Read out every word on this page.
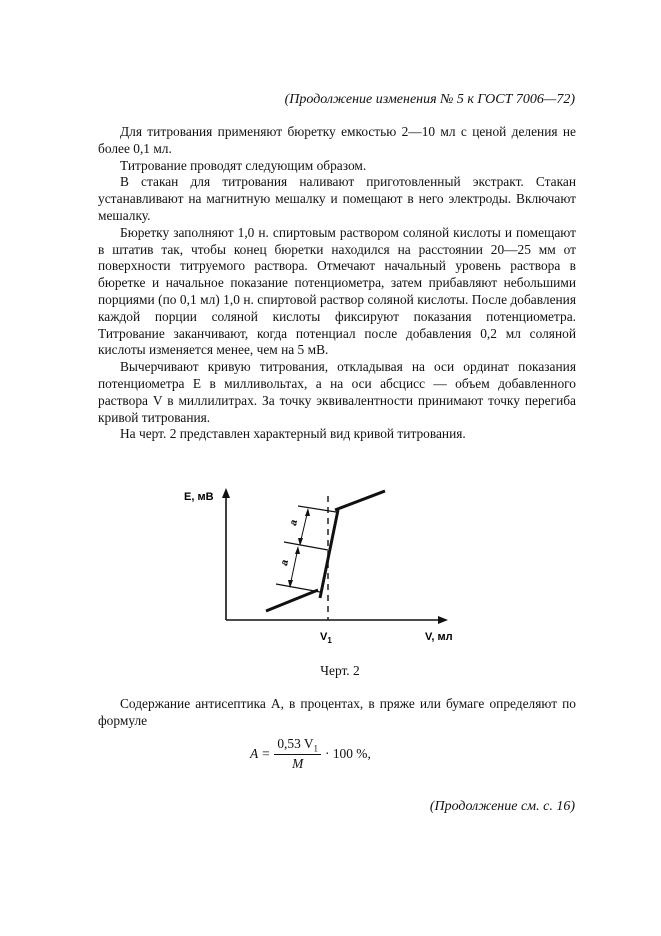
(Продолжение изменения № 5 к ГОСТ 7006—72)

Для титрования применяют бюретку емкостью 2—10 мл с ценой деления не более 0,1 мл.

Титрование проводят следующим образом.

В стакан для титрования наливают приготовленный экстракт. Стакан устанавливают на магнитную мешалку и помещают в него электроды. Включают мешалку.

Бюретку заполняют 1,0 н. спиртовым раствором соляной кислоты и помещают в штатив так, чтобы конец бюретки находился на расстоянии 20—25 мм от поверхности титруемого раствора. Отмечают начальный уровень раствора в бюретке и начальное показание потенциометра, затем прибавляют небольшими порциями (по 0,1 мл) 1,0 н. спиртовой раствор соляной кислоты. После добавления каждой порции соляной кислоты фиксируют показания потенциометра. Титрование заканчивают, когда потенциал после добавления 0,2 мл соляной кислоты изменяется менее, чем на 5 мВ.

Вычерчивают кривую титрования, откладывая на оси ординат показания потенциометра E в милливольтах, а на оси абсцисс — объем добавленного раствора V в миллилитрах. За точку эквивалентности принимают точку перегиба кривой титрования.

На черт. 2 представлен характерный вид кривой титрования.

a
a
E, мВ
V, мл
$V_1$
Черт. 2

Содержание антисептика A, в процентах, в пряже или бумаге определяют по формуле

$A = \frac{0,53 V_1}{M} \cdot 100$ %,
(Продолжение см. с. 16)
